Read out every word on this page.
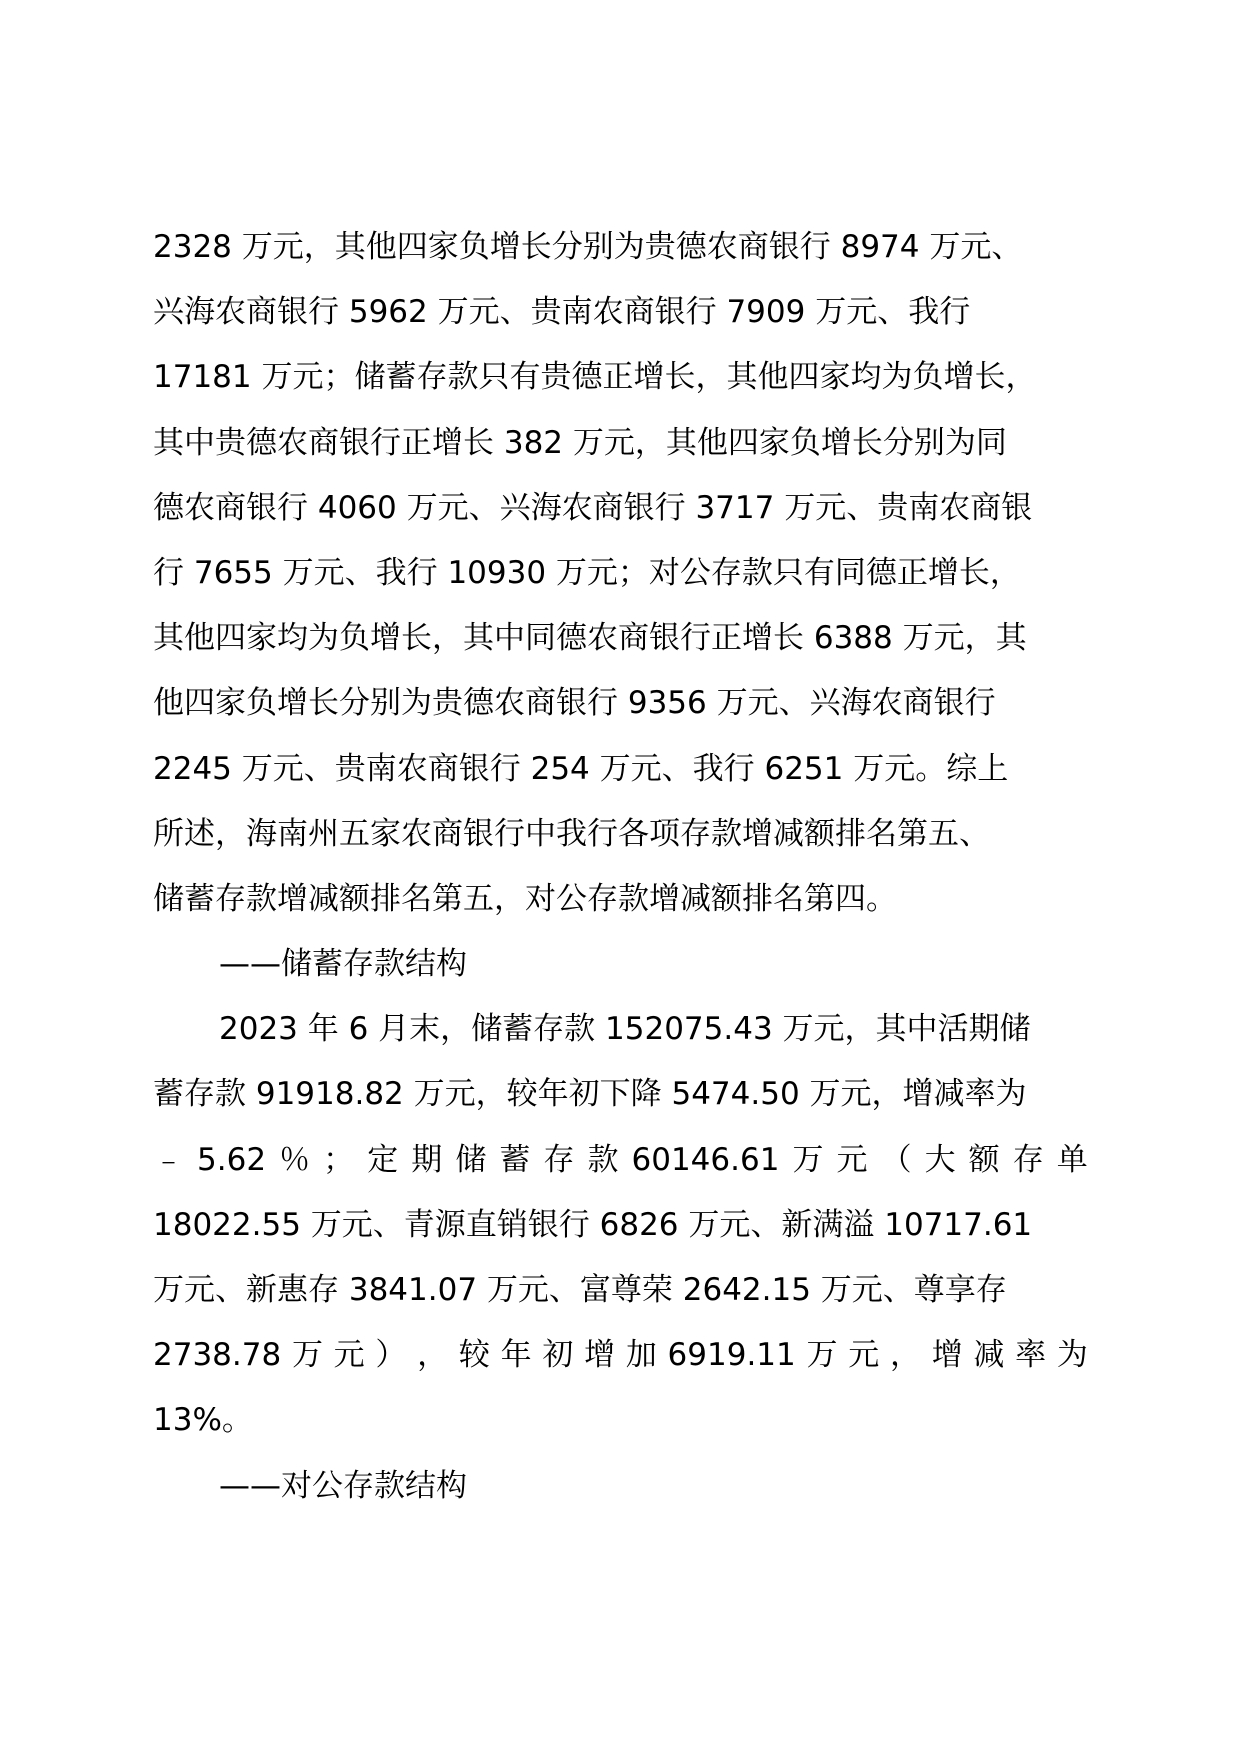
2328 万元，其他四家负增长分别为贵德农商银行 8974 万元、
兴海农商银行 5962 万元、贵南农商银行 7909 万元、我行
17181 万元；储蓄存款只有贵德正增长，其他四家均为负增长，
其中贵德农商银行正增长 382 万元，其他四家负增长分别为同
德农商银行 4060 万元、兴海农商银行 3717 万元、贵南农商银
行 7655 万元、我行 10930 万元；对公存款只有同德正增长，
其他四家均为负增长，其中同德农商银行正增长 6388 万元，其
他四家负增长分别为贵德农商银行 9356 万元、兴海农商银行
2245 万元、贵南农商银行 254 万元、我行 6251 万元。综上
所述，海南州五家农商银行中我行各项存款增减额排名第五、
储蓄存款增减额排名第五，对公存款增减额排名第四。
——储蓄存款结构
2023 年 6 月末，储蓄存款 152075.43 万元，其中活期储
蓄存款 91918.82 万元，较年初下降 5474.50 万元，增减率为
﹣ 5.62 ％ ； 定 期 储 蓄 存 款 60146.61 万 元 （ 大 额 存 单
18022.55 万元、青源直销银行 6826 万元、新满溢 10717.61
万元、新惠存 3841.07 万元、富尊荣 2642.15 万元、尊享存
2738.78 万 元 ） ， 较 年 初 增 加 6919.11 万 元 ， 增 减 率 为
13%。
——对公存款结构
